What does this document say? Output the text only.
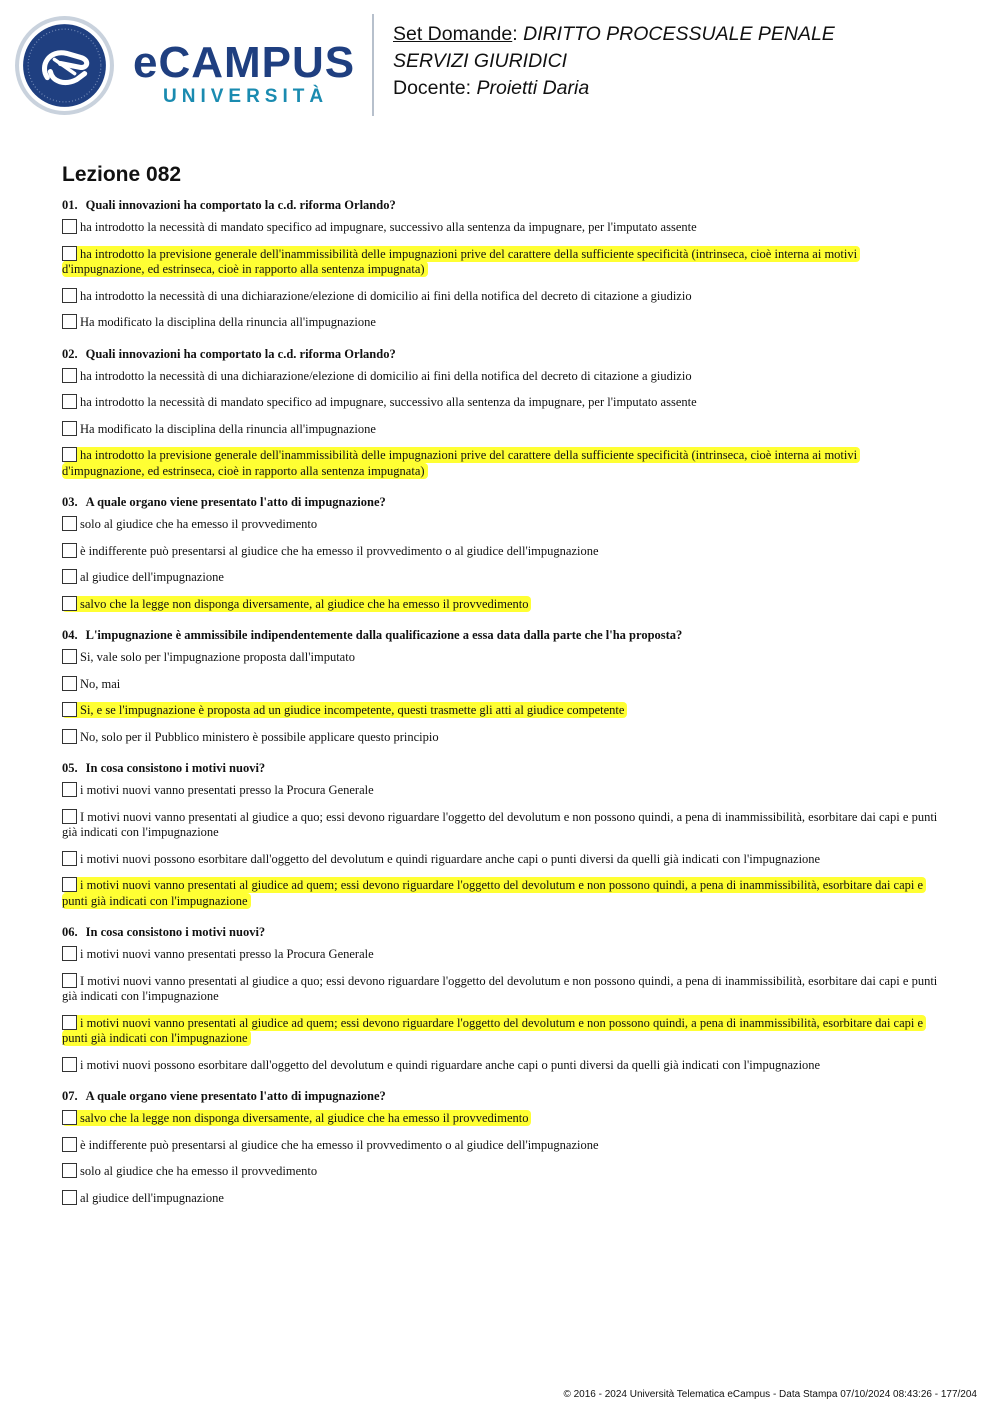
eCAMPUS
UNIVERSITÀ
Set Domande: DIRITTO PROCESSUALE PENALE
SERVIZI GIURIDICI
Docente: Proietti Daria
Lezione 082
01. Quali innovazioni ha comportato la c.d. riforma Orlando?
ha introdotto la necessità di mandato specifico ad impugnare, successivo alla sentenza da impugnare, per l'imputato assente
ha introdotto la previsione generale dell'inammissibilità delle impugnazioni prive del carattere della sufficiente specificità (intrinseca, cioè interna ai motivi d'impugnazione, ed estrinseca, cioè in rapporto alla sentenza impugnata)
ha introdotto la necessità di una dichiarazione/elezione di domicilio ai fini della notifica del decreto di citazione a giudizio
Ha modificato la disciplina della rinuncia all'impugnazione
02. Quali innovazioni ha comportato la c.d. riforma Orlando?
ha introdotto la necessità di una dichiarazione/elezione di domicilio ai fini della notifica del decreto di citazione a giudizio
ha introdotto la necessità di mandato specifico ad impugnare, successivo alla sentenza da impugnare, per l'imputato assente
Ha modificato la disciplina della rinuncia all'impugnazione
ha introdotto la previsione generale dell'inammissibilità delle impugnazioni prive del carattere della sufficiente specificità (intrinseca, cioè interna ai motivi d'impugnazione, ed estrinseca, cioè in rapporto alla sentenza impugnata)
03. A quale organo viene presentato l'atto di impugnazione?
solo al giudice che ha emesso il provvedimento
è indifferente può presentarsi al giudice che ha emesso il provvedimento o al giudice dell'impugnazione
al giudice dell'impugnazione
salvo che la legge non disponga diversamente, al giudice che ha emesso il provvedimento
04. L'impugnazione è ammissibile indipendentemente dalla qualificazione a essa data dalla parte che l'ha proposta?
Si, vale solo per l'impugnazione proposta dall'imputato
No, mai
Si, e se l'impugnazione è proposta ad un giudice incompetente, questi trasmette gli atti al giudice competente
No, solo per il Pubblico ministero è possibile applicare questo principio
05. In cosa consistono i motivi nuovi?
i motivi nuovi vanno presentati presso la Procura Generale
I motivi nuovi vanno presentati al giudice a quo; essi devono riguardare l'oggetto del devolutum e non possono quindi, a pena di inammissibilità, esorbitare dai capi e punti già indicati con l'impugnazione
i motivi nuovi possono esorbitare dall'oggetto del devolutum e quindi riguardare anche capi o punti diversi da quelli già indicati con l'impugnazione
i motivi nuovi vanno presentati al giudice ad quem; essi devono riguardare l'oggetto del devolutum e non possono quindi, a pena di inammissibilità, esorbitare dai capi e punti già indicati con l'impugnazione
06. In cosa consistono i motivi nuovi?
i motivi nuovi vanno presentati presso la Procura Generale
I motivi nuovi vanno presentati al giudice a quo; essi devono riguardare l'oggetto del devolutum e non possono quindi, a pena di inammissibilità, esorbitare dai capi e punti già indicati con l'impugnazione
i motivi nuovi vanno presentati al giudice ad quem; essi devono riguardare l'oggetto del devolutum e non possono quindi, a pena di inammissibilità, esorbitare dai capi e punti già indicati con l'impugnazione
i motivi nuovi possono esorbitare dall'oggetto del devolutum e quindi riguardare anche capi o punti diversi da quelli già indicati con l'impugnazione
07. A quale organo viene presentato l'atto di impugnazione?
salvo che la legge non disponga diversamente, al giudice che ha emesso il provvedimento
è indifferente può presentarsi al giudice che ha emesso il provvedimento o al giudice dell'impugnazione
solo al giudice che ha emesso il provvedimento
al giudice dell'impugnazione
© 2016 - 2024 Università Telematica eCampus - Data Stampa 07/10/2024 08:43:26 - 177/204
